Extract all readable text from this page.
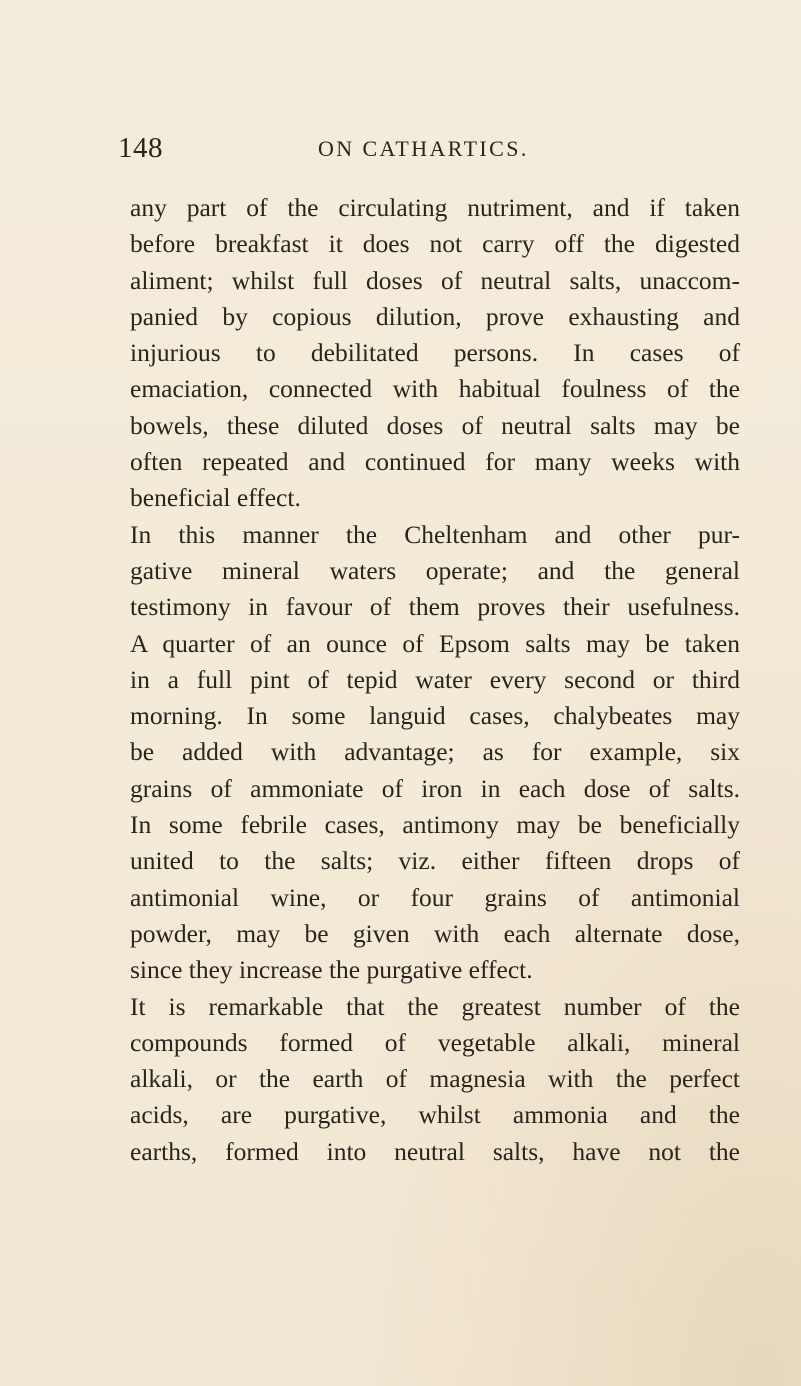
148	ON CATHARTICS.
any part of the circulating nutriment, and if taken
before breakfast it does not carry off the digested
aliment; whilst full doses of neutral salts, unaccom-
panied by copious dilution, prove exhausting and
injurious to debilitated persons. In cases of
emaciation, connected with habitual foulness of the
bowels, these diluted doses of neutral salts may be
often repeated and continued for many weeks with
beneficial effect.
In this manner the Cheltenham and other pur-
gative mineral waters operate; and the general
testimony in favour of them proves their usefulness.
A quarter of an ounce of Epsom salts may be taken
in a full pint of tepid water every second or third
morning. In some languid cases, chalybeates may
be added with advantage; as for example, six
grains of ammoniate of iron in each dose of salts.
In some febrile cases, antimony may be beneficially
united to the salts; viz. either fifteen drops of
antimonial wine, or four grains of antimonial
powder, may be given with each alternate dose,
since they increase the purgative effect.
It is remarkable that the greatest number of the
compounds formed of vegetable alkali, mineral
alkali, or the earth of magnesia with the perfect
acids, are purgative, whilst ammonia and the
earths, formed into neutral salts, have not the
